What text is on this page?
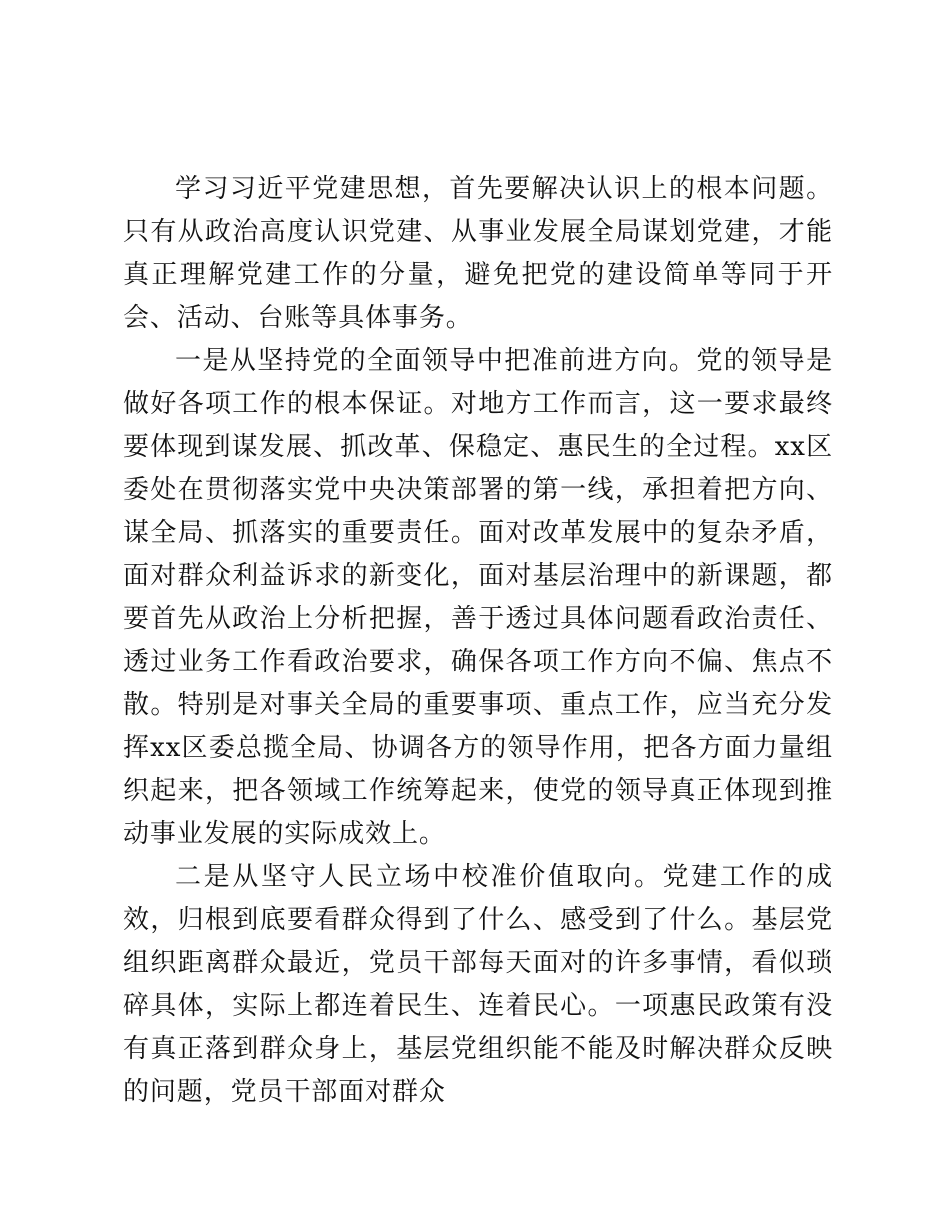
学习习近平党建思想，首先要解决认识上的根本问题。只有从政治高度认识党建、从事业发展全局谋划党建，才能真正理解党建工作的分量，避免把党的建设简单等同于开会、活动、台账等具体事务。

一是从坚持党的全面领导中把准前进方向。党的领导是做好各项工作的根本保证。对地方工作而言，这一要求最终要体现到谋发展、抓改革、保稳定、惠民生的全过程。xx区委处在贯彻落实党中央决策部署的第一线，承担着把方向、谋全局、抓落实的重要责任。面对改革发展中的复杂矛盾，面对群众利益诉求的新变化，面对基层治理中的新课题，都要首先从政治上分析把握，善于透过具体问题看政治责任、透过业务工作看政治要求，确保各项工作方向不偏、焦点不散。特别是对事关全局的重要事项、重点工作，应当充分发挥xx区委总揽全局、协调各方的领导作用，把各方面力量组织起来，把各领域工作统筹起来，使党的领导真正体现到推动事业发展的实际成效上。

二是从坚守人民立场中校准价值取向。党建工作的成效，归根到底要看群众得到了什么、感受到了什么。基层党组织距离群众最近，党员干部每天面对的许多事情，看似琐碎具体，实际上都连着民生、连着民心。一项惠民政策有没有真正落到群众身上，基层党组织能不能及时解决群众反映的问题，党员干部面对群众
